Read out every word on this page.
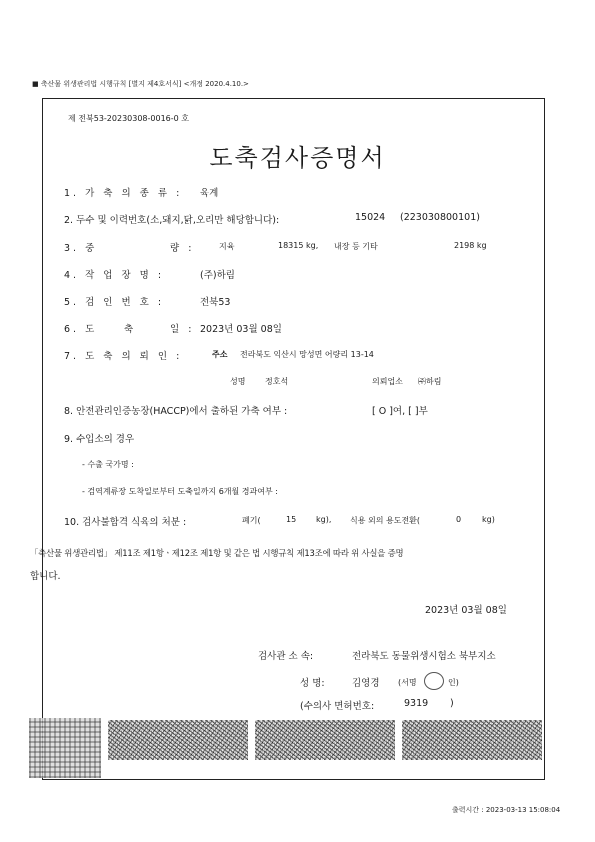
■ 축산물 위생관리법 시행규칙 [별지 제4호서식] <개정 2020.4.10.>
제 전북53-20230308-0016-0 호
도축검사증명서
1. 가 축 의 종 류 : 육계
2. 두수 및 이력번호(소,돼지,닭,오리만 해당합니다):	15024 (223030800101)
3. 중	량 :	지육	18315 kg, 내장 등 기타	2198 kg
4. 작 업 장 명 :	(주)하림
5. 검 인 번 호 :	전북53
6. 도	축	일 : 2023년 03월 08일
7. 도 축 의 뢰 인 :	주소 전라북도 익산시 망성면 어량리 13-14
성명 정호석	의뢰업소 ㈜하림
8. 안전관리인증농장(HACCP)에서 출하된 가축 여부 :	[ O ]여, [ ]부
9. 수입소의 경우
- 수출 국가명 :
- 검역계류장 도착일로부터 도축일까지 6개월 경과여부 :
10. 검사불합격 식육의 처분 :	폐기(	15 kg), 식용 외의 용도전환(	0	kg)
「축산물 위생관리법」 제11조 제1항ㆍ제12조 제1항 및 같은 법 시행규칙 제13조에 따라 위 사실을 증명
합니다.
2023년 03월 08일
검사관 소 속:	전라북도 동물위생시험소 북부지소
성 명:	김영경 (서명	인)
(수의사 면허번호:	9319 )
출력시간 : 2023-03-13 15:08:04
